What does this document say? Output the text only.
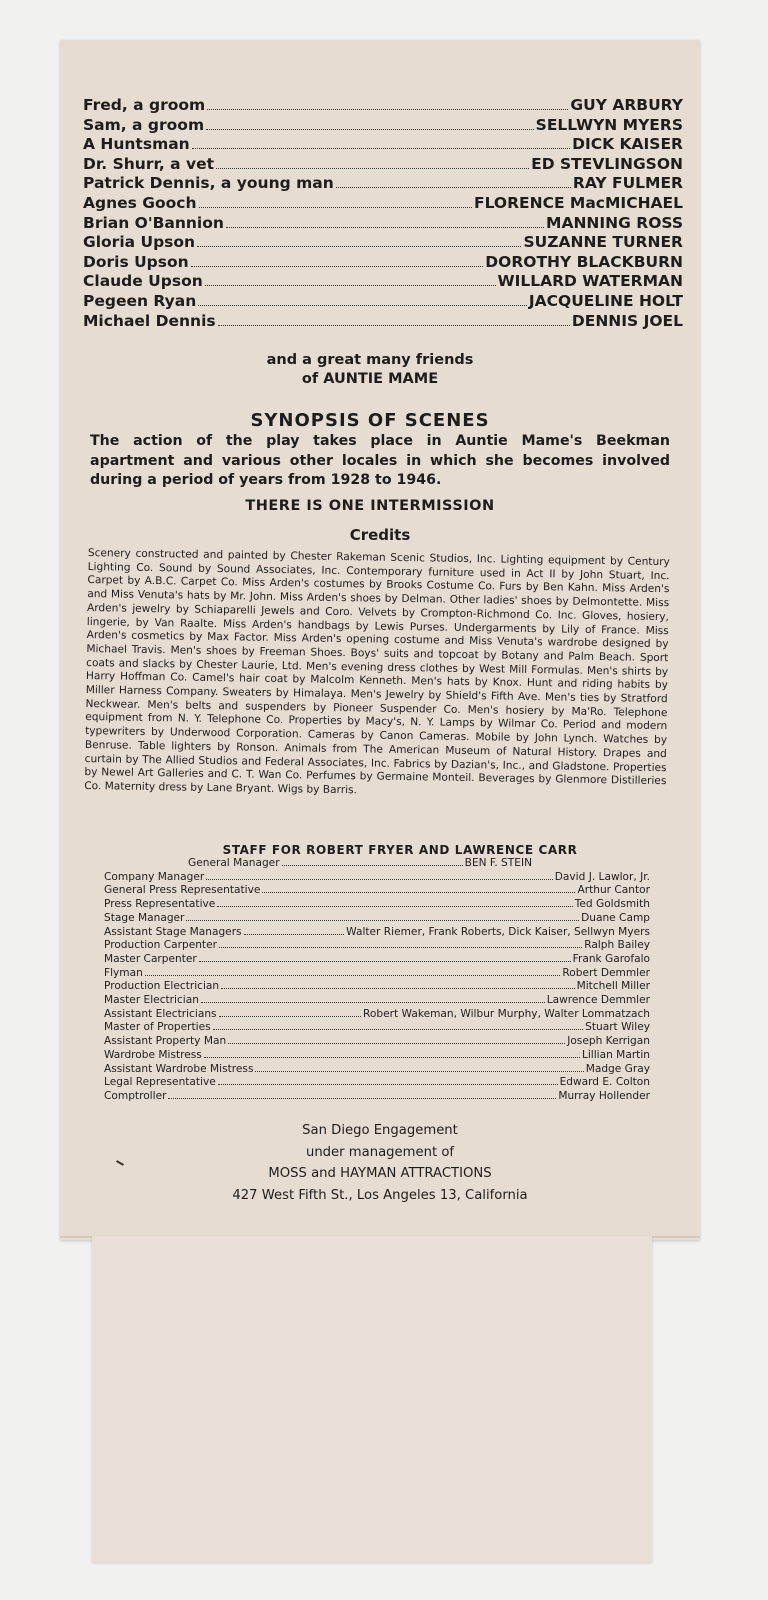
Fred, a groom	GUY ARBURY
Sam, a groom	SELLWYN MYERS
A Huntsman	DICK KAISER
Dr. Shurr, a vet	ED STEVLINGSON
Patrick Dennis, a young man	RAY FULMER
Agnes Gooch	FLORENCE MacMICHAEL
Brian O'Bannion	MANNING ROSS
Gloria Upson	SUZANNE TURNER
Doris Upson	DOROTHY BLACKBURN
Claude Upson	WILLARD WATERMAN
Pegeen Ryan	JACQUELINE HOLT
Michael Dennis	DENNIS JOEL
and a great many friends
of AUNTIE MAME
SYNOPSIS OF SCENES
The action of the play takes place in Auntie Mame's Beekman apartment and various other locales in which she becomes involved during a period of years from 1928 to 1946.
THERE IS ONE INTERMISSION
Credits
Scenery constructed and painted by Chester Rakeman Scenic Studios, Inc. Lighting equipment by Century Lighting Co. Sound by Sound Associates, Inc. Contemporary furniture used in Act II by John Stuart, Inc. Carpet by A.B.C. Carpet Co. Miss Arden's costumes by Brooks Costume Co. Furs by Ben Kahn. Miss Arden's and Miss Venuta's hats by Mr. John. Miss Arden's shoes by Delman. Other ladies' shoes by Delmontette. Miss Arden's jewelry by Schiaparelli Jewels and Coro. Velvets by Crompton-Richmond Co. Inc. Gloves, hosiery, lingerie, by Van Raalte. Miss Arden's handbags by Lewis Purses. Undergarments by Lily of France. Miss Arden's cosmetics by Max Factor. Miss Arden's opening costume and Miss Venuta's wardrobe designed by Michael Travis. Men's shoes by Freeman Shoes. Boys' suits and topcoat by Botany and Palm Beach. Sport coats and slacks by Chester Laurie, Ltd. Men's evening dress clothes by West Mill Formulas. Men's shirts by Harry Hoffman Co. Camel's hair coat by Malcolm Kenneth. Men's hats by Knox. Hunt and riding habits by Miller Harness Company. Sweaters by Himalaya. Men's Jewelry by Shield's Fifth Ave. Men's ties by Stratford Neckwear. Men's belts and suspenders by Pioneer Suspender Co. Men's hosiery by Ma'Ro. Telephone equipment from N. Y. Telephone Co. Properties by Macy's, N. Y. Lamps by Wilmar Co. Period and modern typewriters by Underwood Corporation. Cameras by Canon Cameras. Mobile by John Lynch. Watches by Benruse. Table lighters by Ronson. Animals from The American Museum of Natural History. Drapes and curtain by The Allied Studios and Federal Associates, Inc. Fabrics by Dazian's, Inc., and Gladstone. Properties by Newel Art Galleries and C. T. Wan Co. Perfumes by Germaine Monteil. Beverages by Glenmore Distilleries Co. Maternity dress by Lane Bryant. Wigs by Barris.
STAFF FOR ROBERT FRYER AND LAWRENCE CARR
General Manager	BEN F. STEIN
Company Manager	David J. Lawlor, Jr.
General Press Representative	Arthur Cantor
Press Representative	Ted Goldsmith
Stage Manager	Duane Camp
Assistant Stage Managers	Walter Riemer, Frank Roberts, Dick Kaiser, Sellwyn Myers
Production Carpenter	Ralph Bailey
Master Carpenter	Frank Garofalo
Flyman	Robert Demmler
Production Electrician	Mitchell Miller
Master Electrician	Lawrence Demmler
Assistant Electricians	Robert Wakeman, Wilbur Murphy, Walter Lommatzach
Master of Properties	Stuart Wiley
Assistant Property Man	Joseph Kerrigan
Wardrobe Mistress	Lillian Martin
Assistant Wardrobe Mistress	Madge Gray
Legal Representative	Edward E. Colton
Comptroller	Murray Hollender
San Diego Engagement
under management of
MOSS and HAYMAN ATTRACTIONS
427 West Fifth St., Los Angeles 13, California
